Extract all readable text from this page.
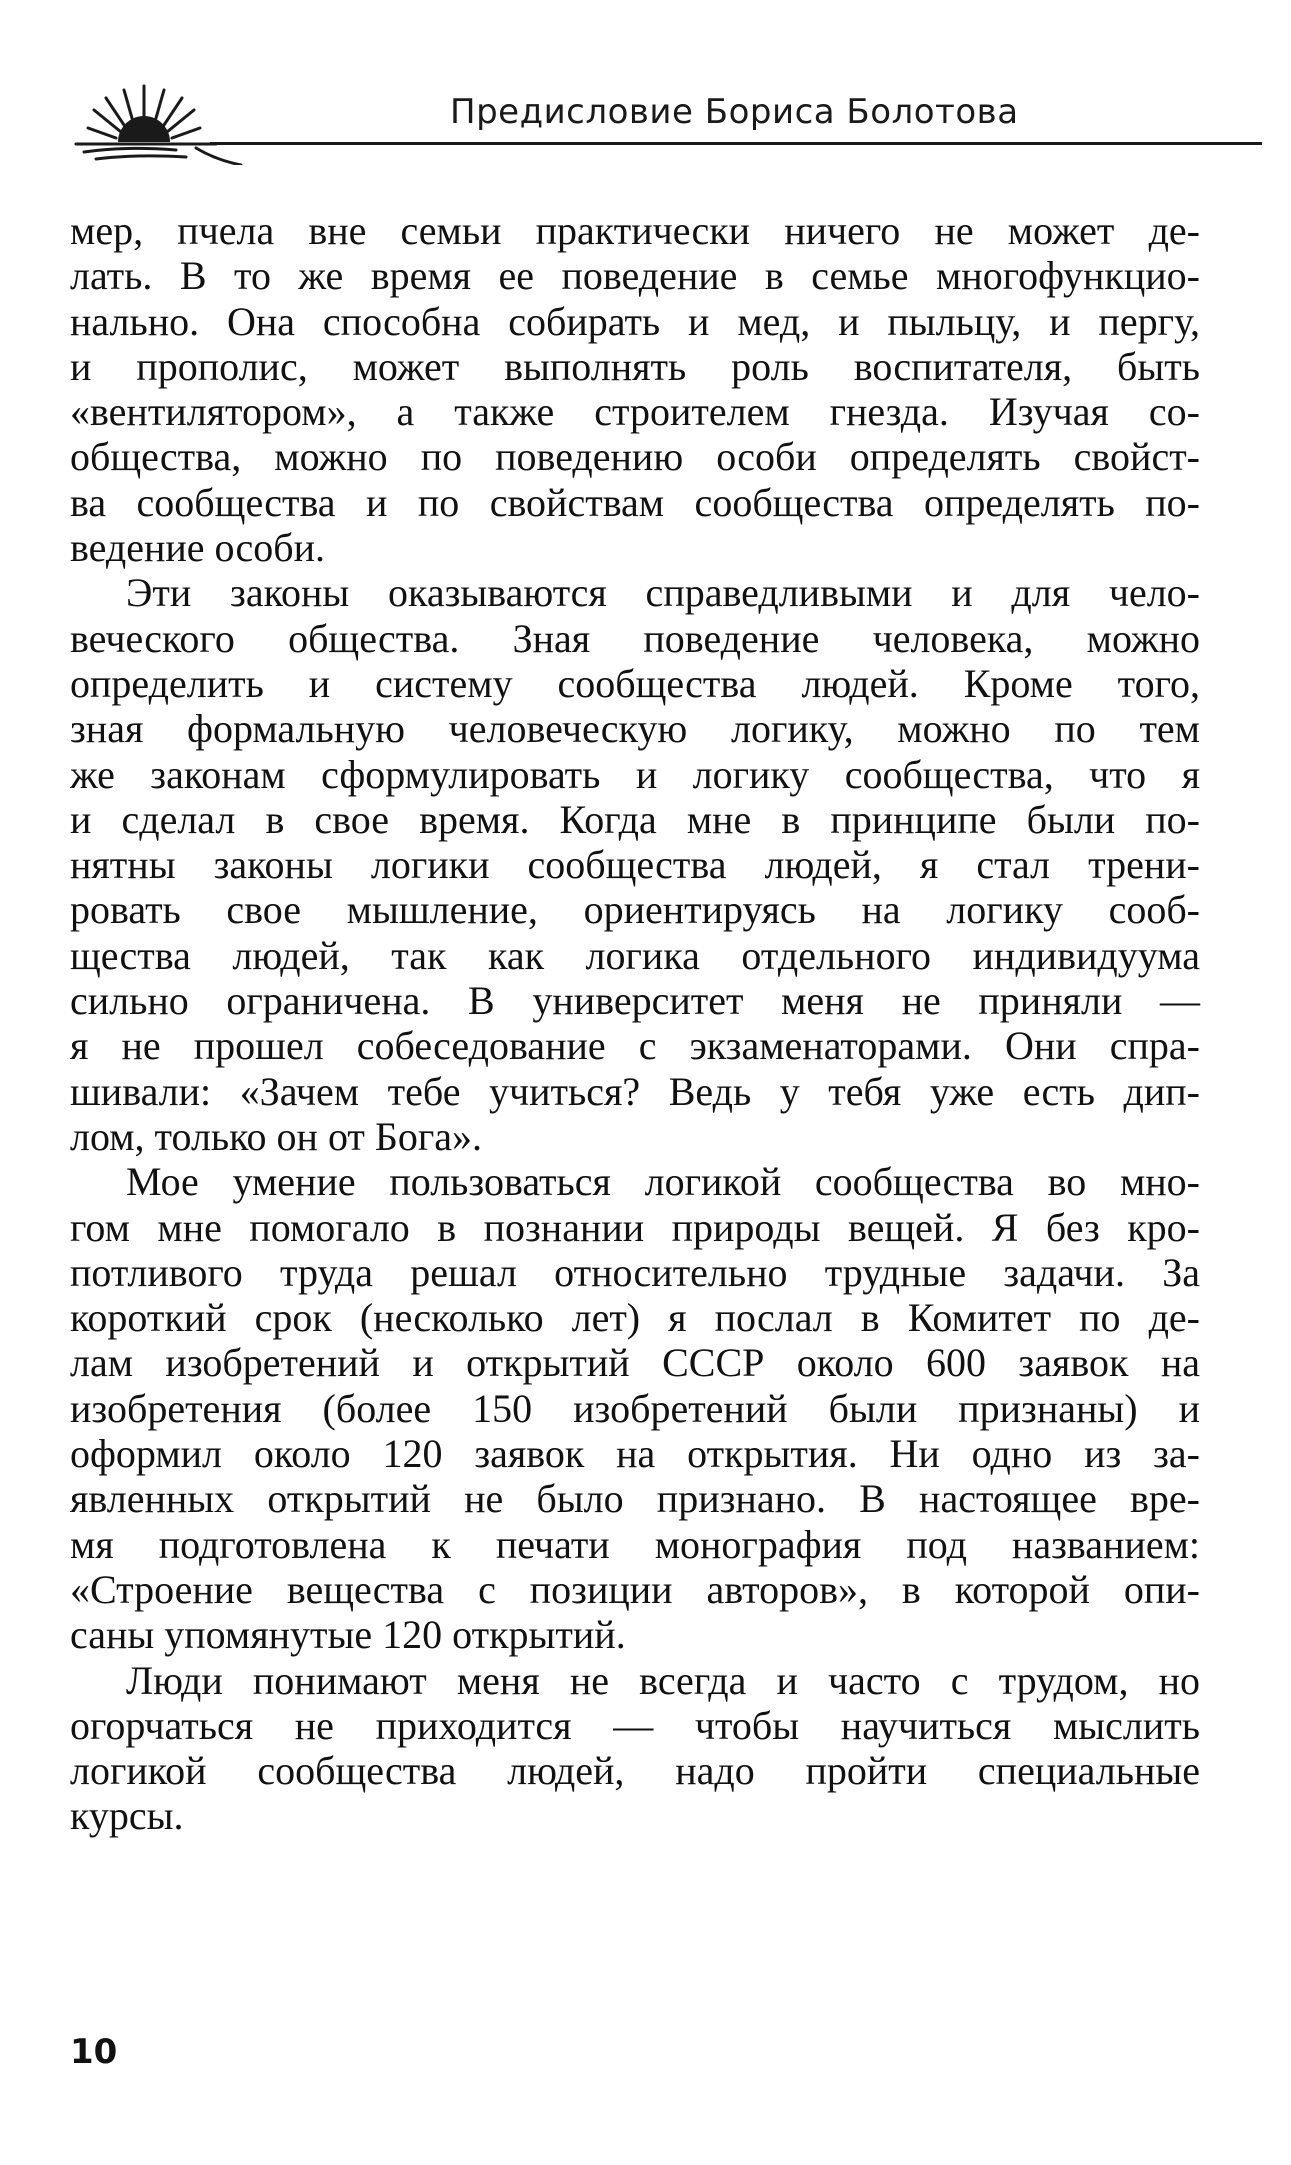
Предисловие Бориса Болотова

мер, пчела вне семьи практически ничего не может де-
лать. В то же время ее поведение в семье многофункцио-
нально. Она способна собирать и мед, и пыльцу, и пергу,
и прополис, может выполнять роль воспитателя, быть
«вентилятором», а также строителем гнезда. Изучая со-
общества, можно по поведению особи определять свойст-
ва сообщества и по свойствам сообщества определять по-
ведение особи.

Эти законы оказываются справедливыми и для чело-
веческого общества. Зная поведение человека, можно
определить и систему сообщества людей. Кроме того,
зная формальную человеческую логику, можно по тем
же законам сформулировать и логику сообщества, что я
и сделал в свое время. Когда мне в принципе были по-
нятны законы логики сообщества людей, я стал трени-
ровать свое мышление, ориентируясь на логику сооб-
щества людей, так как логика отдельного индивидуума
сильно ограничена. В университет меня не приняли —
я не прошел собеседование с экзаменаторами. Они спра-
шивали: «Зачем тебе учиться? Ведь у тебя уже есть дип-
лом, только он от Бога».

Мое умение пользоваться логикой сообщества во мно-
гом мне помогало в познании природы вещей. Я без кро-
потливого труда решал относительно трудные задачи. За
короткий срок (несколько лет) я послал в Комитет по де-
лам изобретений и открытий СССР около 600 заявок на
изобретения (более 150 изобретений были признаны) и
оформил около 120 заявок на открытия. Ни одно из за-
явленных открытий не было признано. В настоящее вре-
мя подготовлена к печати монография под названием:
«Строение вещества с позиции авторов», в которой опи-
саны упомянутые 120 открытий.

Люди понимают меня не всегда и часто с трудом, но
огорчаться не приходится — чтобы научиться мыслить
логикой сообщества людей, надо пройти специальные
курсы.

10
